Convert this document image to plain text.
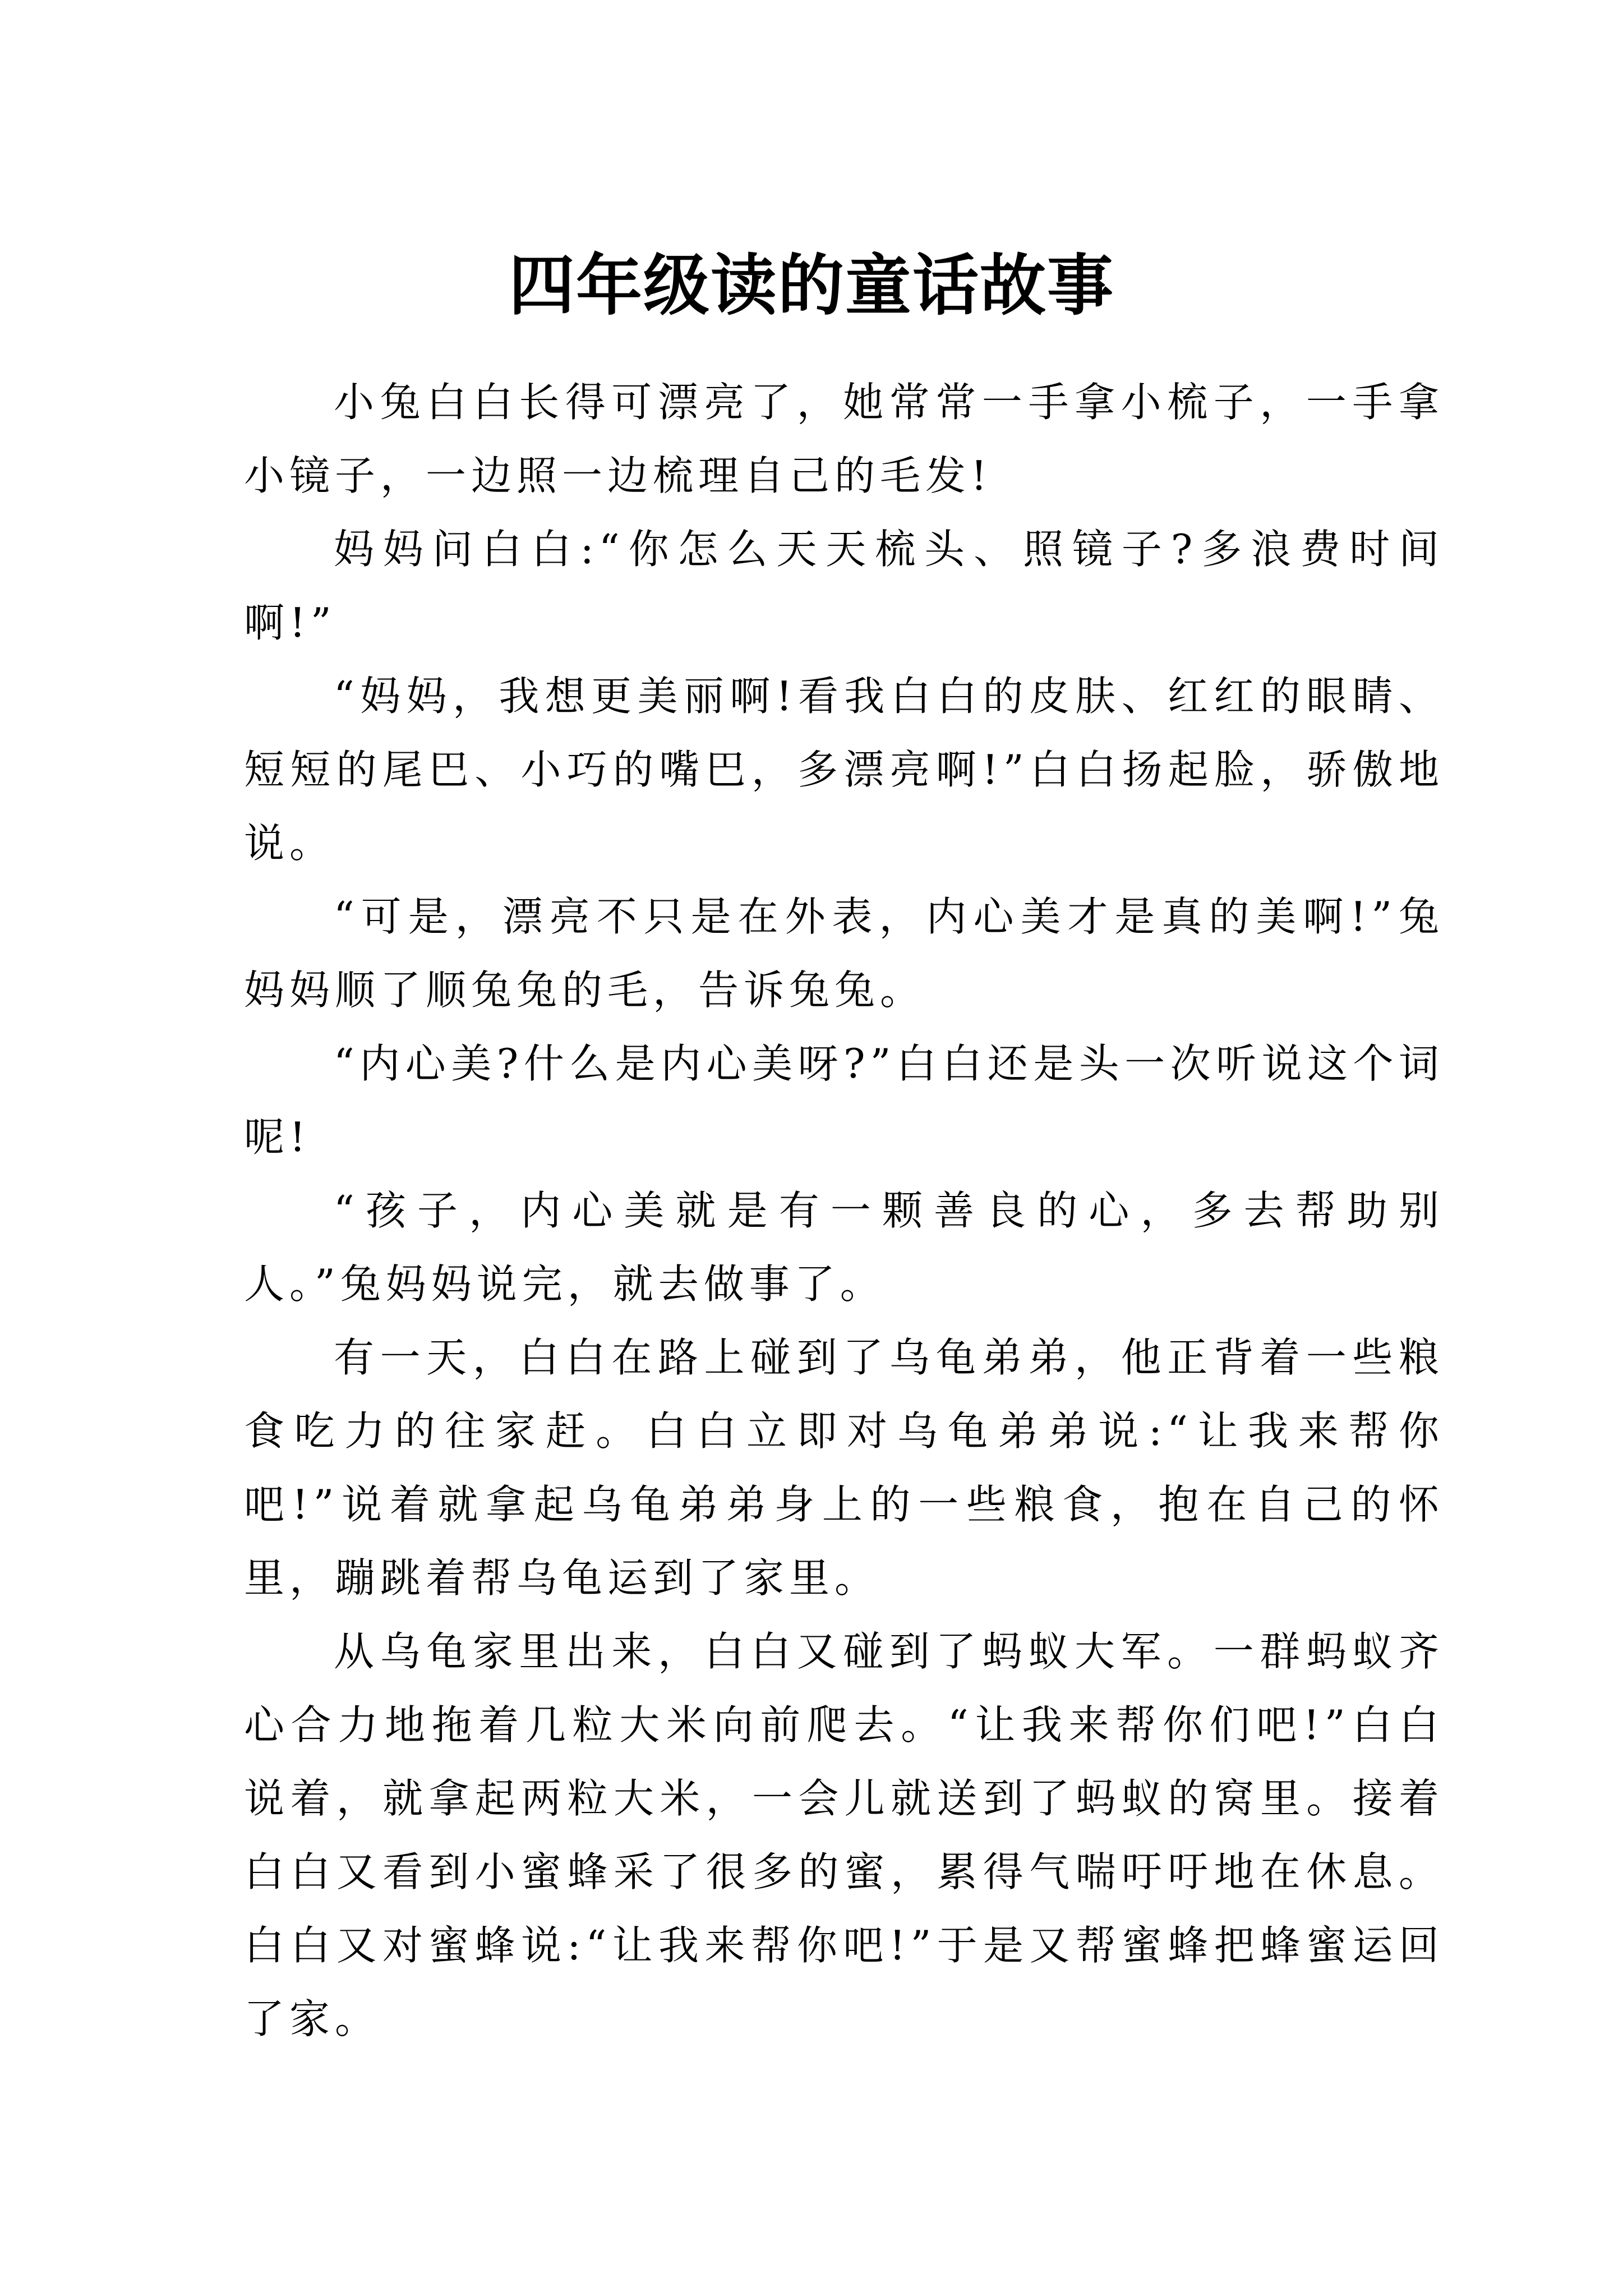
四年级读的童话故事

小兔白白长得可漂亮了，她常常一手拿小梳子，一手拿小镜子，一边照一边梳理自己的毛发!

妈妈问白白:“你怎么天天梳头、照镜子?多浪费时间啊!”

“妈妈，我想更美丽啊!看我白白的皮肤、红红的眼睛、短短的尾巴、小巧的嘴巴，多漂亮啊!”白白扬起脸，骄傲地说。

“可是，漂亮不只是在外表，内心美才是真的美啊!”兔妈妈顺了顺兔兔的毛，告诉兔兔。

“内心美?什么是内心美呀?”白白还是头一次听说这个词呢!

“孩子，内心美就是有一颗善良的心，多去帮助别人。”兔妈妈说完，就去做事了。

有一天，白白在路上碰到了乌龟弟弟，他正背着一些粮食吃力的往家赶。白白立即对乌龟弟弟说:“让我来帮你吧!”说着就拿起乌龟弟弟身上的一些粮食，抱在自己的怀里，蹦跳着帮乌龟运到了家里。

从乌龟家里出来，白白又碰到了蚂蚁大军。一群蚂蚁齐心合力地拖着几粒大米向前爬去。“让我来帮你们吧!”白白说着，就拿起两粒大米，一会儿就送到了蚂蚁的窝里。接着白白又看到小蜜蜂采了很多的蜜，累得气喘吁吁地在休息。白白又对蜜蜂说:“让我来帮你吧!”于是又帮蜜蜂把蜂蜜运回了家。
